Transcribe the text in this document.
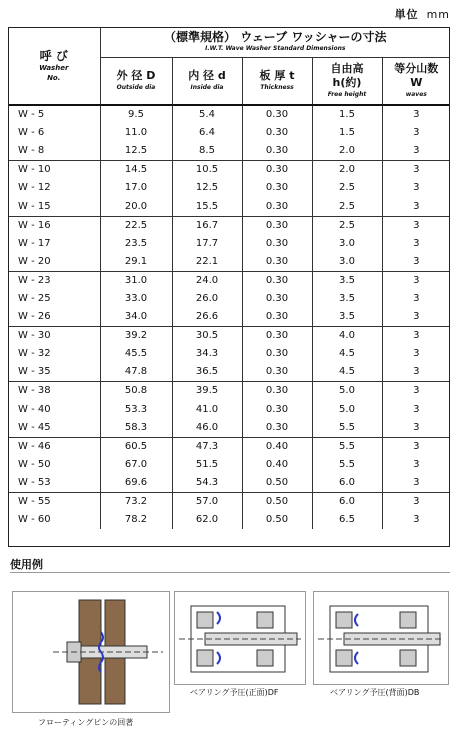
単位 mm
呼 び
Washer
No.	（標準規格） ウェーブ ワッシャーの寸法
I.W.T. Wave Washer Standard Dimensions				

	外 径 D
Outside dia	内 径 d
Inside dia	板 厚 t
Thickness	自由高
h(約)
Free height	等分山数
W
waves

W - 5	9.5	5.4	0.30	1.5	3
W - 6	11.0	6.4	0.30	1.5	3
W - 8	12.5	8.5	0.30	2.0	3
W - 10	14.5	10.5	0.30	2.0	3
W - 12	17.0	12.5	0.30	2.5	3
W - 15	20.0	15.5	0.30	2.5	3
W - 16	22.5	16.7	0.30	2.5	3
W - 17	23.5	17.7	0.30	3.0	3
W - 20	29.1	22.1	0.30	3.0	3
W - 23	31.0	24.0	0.30	3.5	3
W - 25	33.0	26.0	0.30	3.5	3
W - 26	34.0	26.6	0.30	3.5	3
W - 30	39.2	30.5	0.30	4.0	3
W - 32	45.5	34.3	0.30	4.5	3
W - 35	47.8	36.5	0.30	4.5	3
W - 38	50.8	39.5	0.30	5.0	3
W - 40	53.3	41.0	0.30	5.0	3
W - 45	58.3	46.0	0.30	5.5	3
W - 46	60.5	47.3	0.40	5.5	3
W - 50	67.0	51.5	0.40	5.5	3
W - 53	69.6	54.3	0.50	6.0	3
W - 55	73.2	57.0	0.50	6.0	3
W - 60	78.2	62.0	0.50	6.5	3
使用例
フローティングピンの回著
ベアリング予圧(正面)DF	ベアリング予圧(背面)DB
